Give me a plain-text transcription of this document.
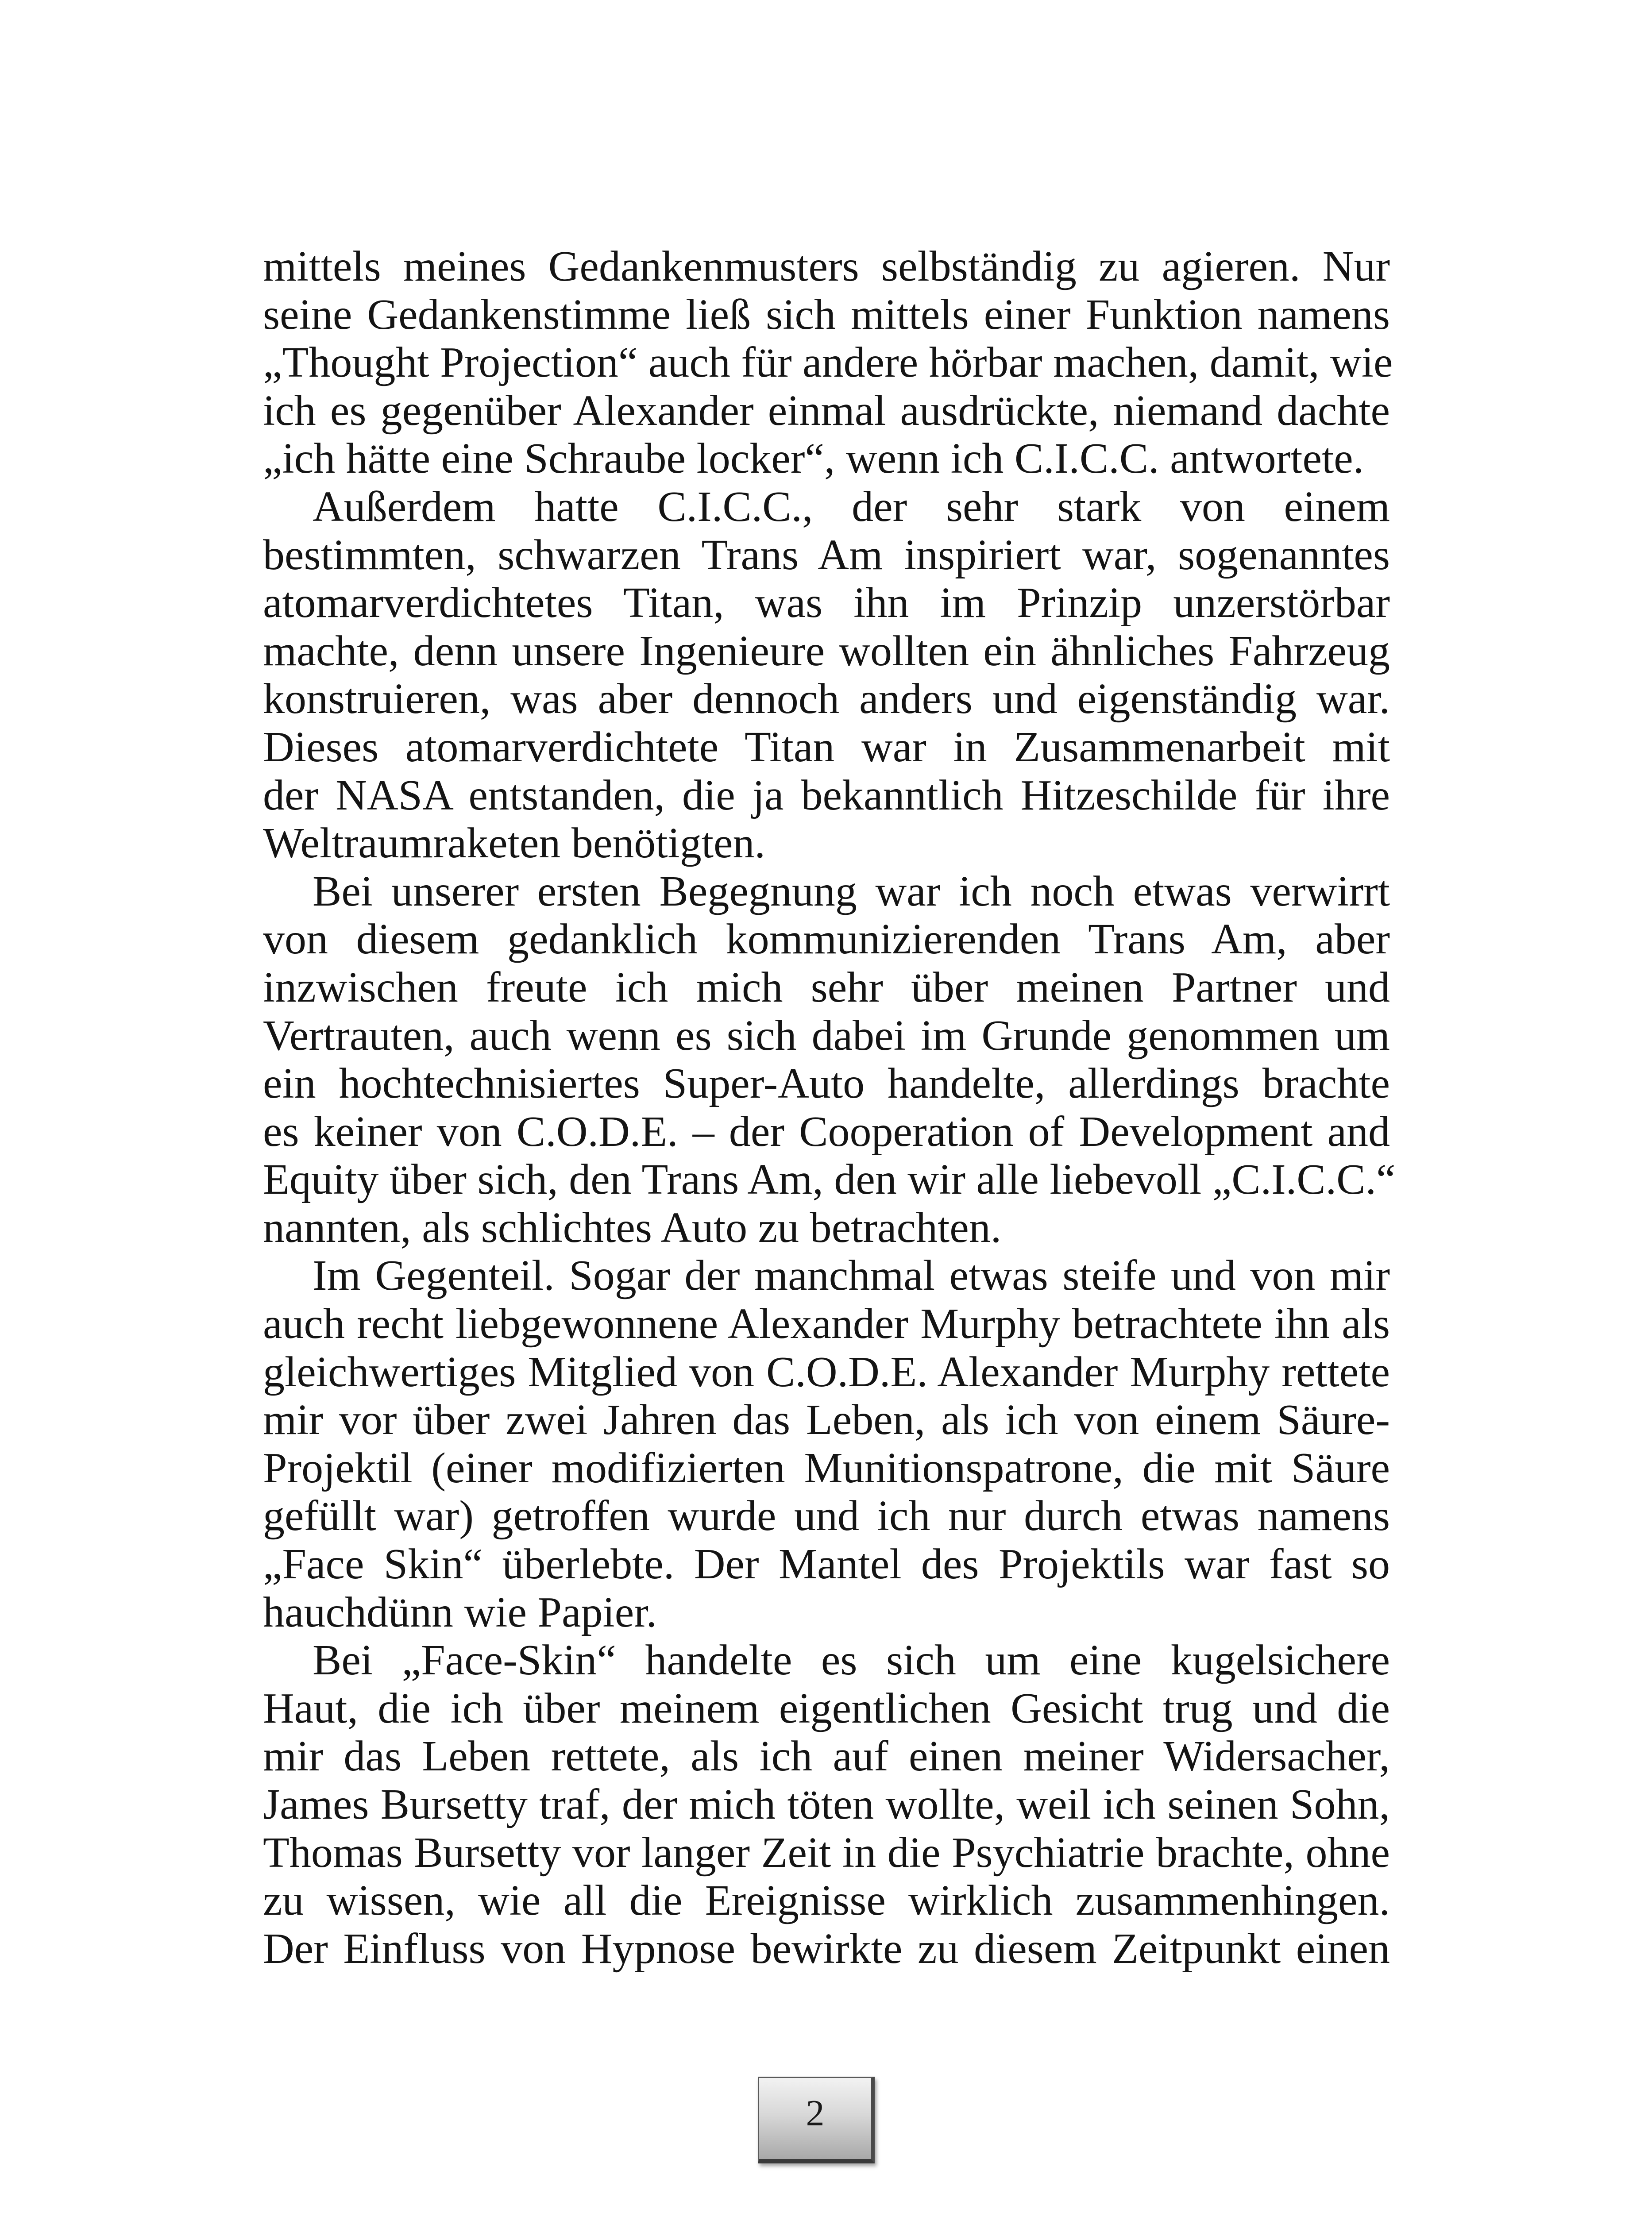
mittels meines Gedankenmusters selbständig zu agieren. Nur
seine Gedankenstimme ließ sich mittels einer Funktion namens
„Thought Projection“ auch für andere hörbar machen, damit, wie
ich es gegenüber Alexander einmal ausdrückte, niemand dachte
„ich hätte eine Schraube locker“, wenn ich C.I.C.C. antwortete.

Außerdem hatte C.I.C.C., der sehr stark von einem
bestimmten, schwarzen Trans Am inspiriert war, sogenanntes
atomarverdichtetes Titan, was ihn im Prinzip unzerstörbar
machte, denn unsere Ingenieure wollten ein ähnliches Fahrzeug
konstruieren, was aber dennoch anders und eigenständig war.
Dieses atomarverdichtete Titan war in Zusammenarbeit mit
der NASA entstanden, die ja bekanntlich Hitzeschilde für ihre
Weltraumraketen benötigten.

Bei unserer ersten Begegnung war ich noch etwas verwirrt
von diesem gedanklich kommunizierenden Trans Am, aber
inzwischen freute ich mich sehr über meinen Partner und
Vertrauten, auch wenn es sich dabei im Grunde genommen um
ein hochtechnisiertes Super-Auto handelte, allerdings brachte
es keiner von C.O.D.E. – der Cooperation of Development and
Equity über sich, den Trans Am, den wir alle liebevoll „C.I.C.C.“
nannten, als schlichtes Auto zu betrachten.

Im Gegenteil. Sogar der manchmal etwas steife und von mir
auch recht liebgewonnene Alexander Murphy betrachtete ihn als
gleichwertiges Mitglied von C.O.D.E. Alexander Murphy rettete
mir vor über zwei Jahren das Leben, als ich von einem Säure-
Projektil (einer modifizierten Munitionspatrone, die mit Säure
gefüllt war) getroffen wurde und ich nur durch etwas namens
„Face Skin“ überlebte. Der Mantel des Projektils war fast so
hauchdünn wie Papier.

Bei „Face-Skin“ handelte es sich um eine kugelsichere
Haut, die ich über meinem eigentlichen Gesicht trug und die
mir das Leben rettete, als ich auf einen meiner Widersacher,
James Bursetty traf, der mich töten wollte, weil ich seinen Sohn,
Thomas Bursetty vor langer Zeit in die Psychiatrie brachte, ohne
zu wissen, wie all die Ereignisse wirklich zusammenhingen.
Der Einfluss von Hypnose bewirkte zu diesem Zeitpunkt einen

2
